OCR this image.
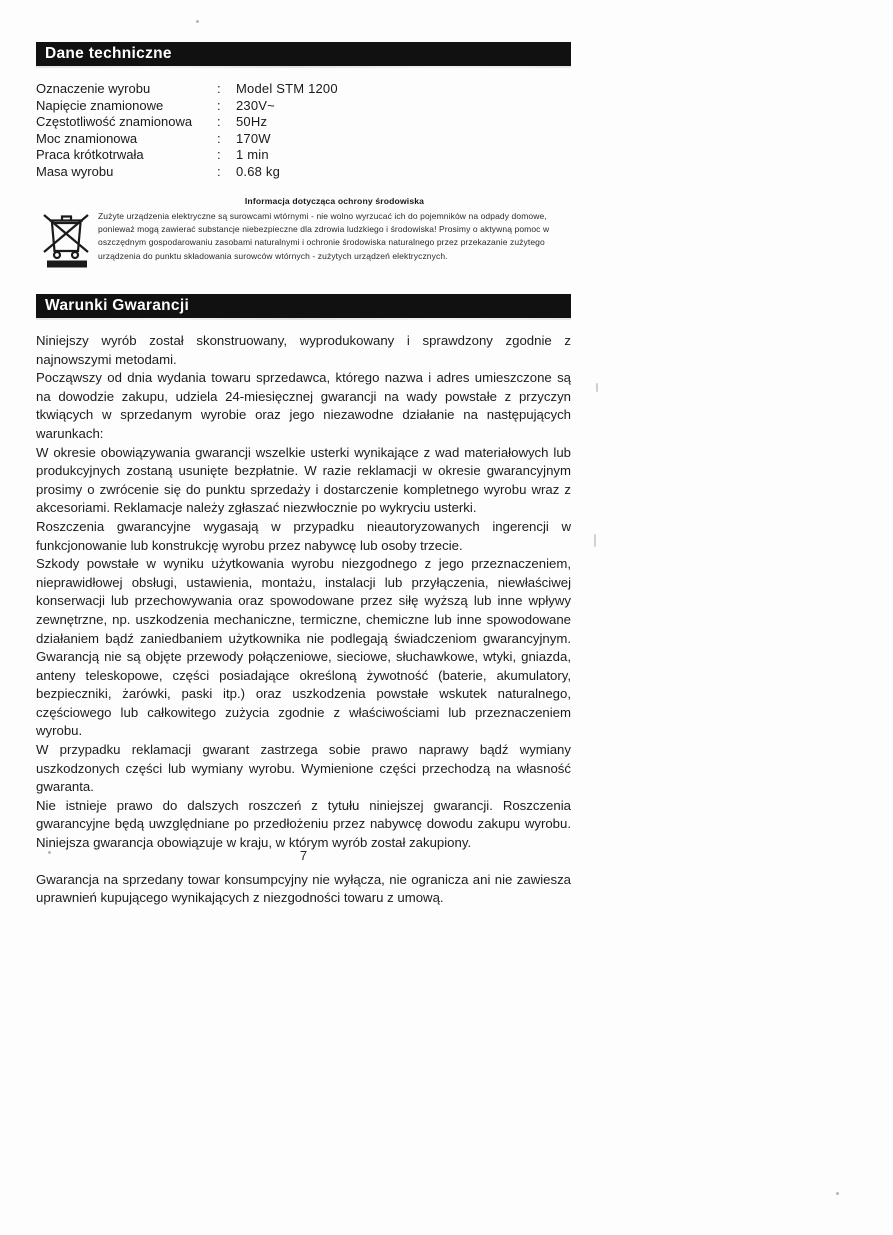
Dane techniczne
Oznaczenie wyrobu	:	Model STM 1200
Napięcie znamionowe	:	230V~
Częstotliwość znamionowa	:	50Hz
Moc znamionowa	:	170W
Praca krótkotrwała	:	1 min
Masa wyrobu	:	0.68 kg
Informacja dotycząca ochrony środowiska
Zużyte urządzenia elektryczne są surowcami wtórnymi - nie wolno wyrzucać ich do pojemników na odpady domowe, ponieważ mogą zawierać substancje niebezpieczne dla zdrowia ludzkiego i środowiska! Prosimy o aktywną pomoc w oszczędnym gospodarowaniu zasobami naturalnymi i ochronie środowiska naturalnego przez przekazanie zużytego urządzenia do punktu składowania surowców wtórnych - zużytych urządzeń elektrycznych.
Warunki Gwarancji

Niniejszy wyrób został skonstruowany, wyprodukowany i sprawdzony zgodnie z najnowszymi metodami.

Począwszy od dnia wydania towaru sprzedawca, którego nazwa i adres umieszczone są na dowodzie zakupu, udziela 24-miesięcznej gwarancji na wady powstałe z przyczyn tkwiących w sprzedanym wyrobie oraz jego niezawodne działanie na następujących warunkach:

W okresie obowiązywania gwarancji wszelkie usterki wynikające z wad materiałowych lub produkcyjnych zostaną usunięte bezpłatnie. W razie reklamacji w okresie gwarancyjnym prosimy o zwrócenie się do punktu sprzedaży i dostarczenie kompletnego wyrobu wraz z akcesoriami. Reklamacje należy zgłaszać niezwłocznie po wykryciu usterki.

Roszczenia gwarancyjne wygasają w przypadku nieautoryzowanych ingerencji w funkcjonowanie lub konstrukcję wyrobu przez nabywcę lub osoby trzecie.

Szkody powstałe w wyniku użytkowania wyrobu niezgodnego z jego przeznaczeniem, nieprawidłowej obsługi, ustawienia, montażu, instalacji lub przyłączenia, niewłaściwej konserwacji lub przechowywania oraz spowodowane przez siłę wyższą lub inne wpływy zewnętrzne, np. uszkodzenia mechaniczne, termiczne, chemiczne lub inne spowodowane działaniem bądź zaniedbaniem użytkownika nie podlegają świadczeniom gwarancyjnym. Gwarancją nie są objęte przewody połączeniowe, sieciowe, słuchawkowe, wtyki, gniazda, anteny teleskopowe, części posiadające określoną żywotność (baterie, akumulatory, bezpieczniki, żarówki, paski itp.) oraz uszkodzenia powstałe wskutek naturalnego, częściowego lub całkowitego zużycia zgodnie z właściwościami lub przeznaczeniem wyrobu.

W przypadku reklamacji gwarant zastrzega sobie prawo naprawy bądź wymiany uszkodzonych części lub wymiany wyrobu. Wymienione części przechodzą na własność gwaranta.

Nie istnieje prawo do dalszych roszczeń z tytułu niniejszej gwarancji. Roszczenia gwarancyjne będą uwzględniane po przedłożeniu przez nabywcę dowodu zakupu wyrobu. Niniejsza gwarancja obowiązuje w kraju, w którym wyrób został zakupiony.

Gwarancja na sprzedany towar konsumpcyjny nie wyłącza, nie ogranicza ani nie zawiesza uprawnień kupującego wynikających z niezgodności towaru z umową.
7
